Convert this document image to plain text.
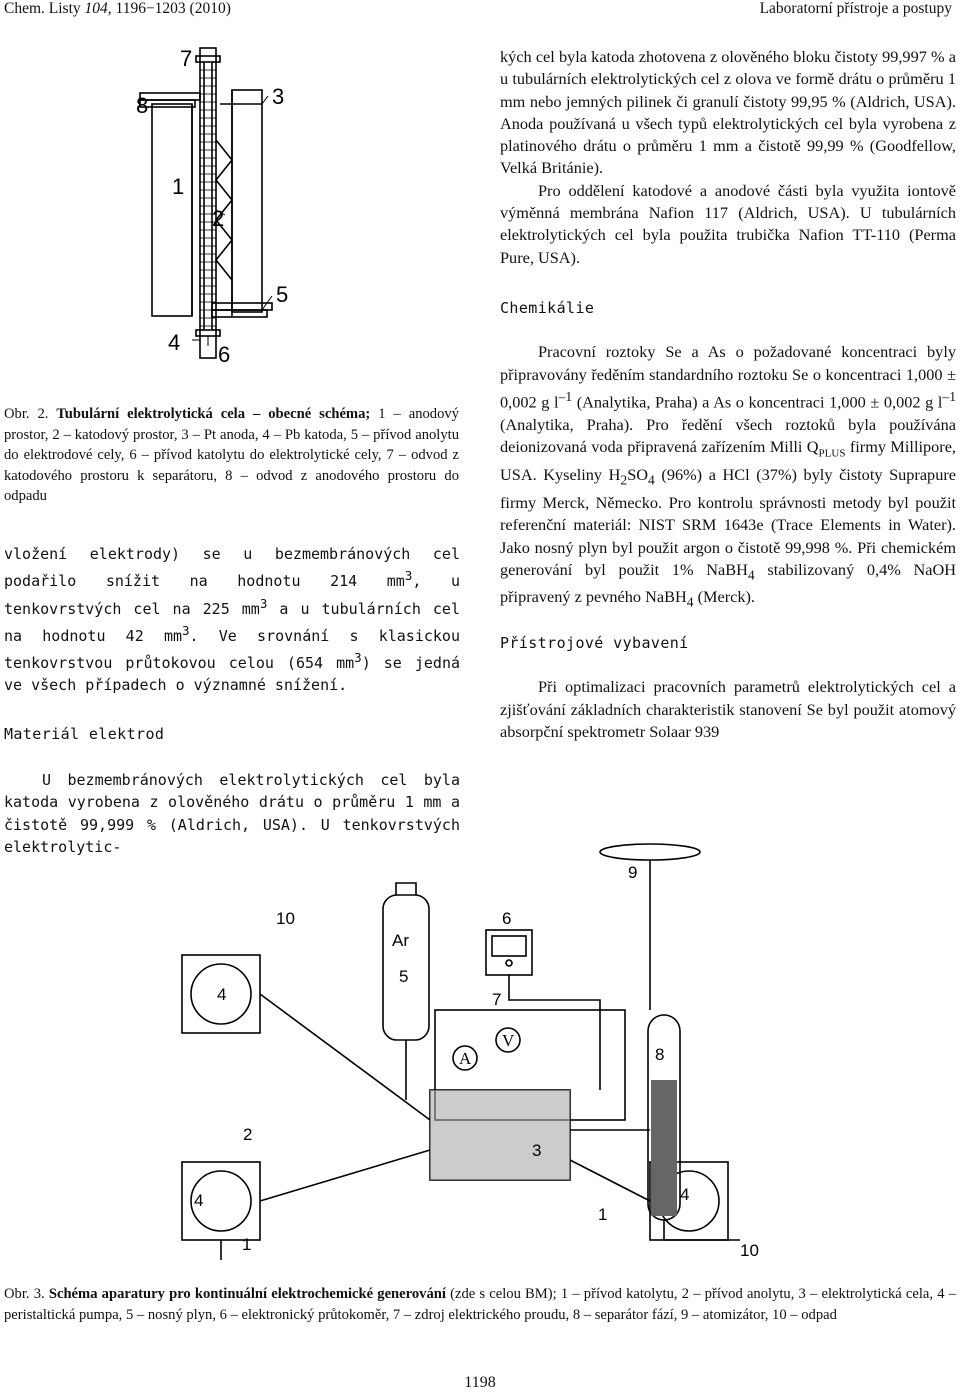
Chem. Listy 104, 1196−1203 (2010)	Laboratorní přístroje a postupy
7
8	3
1
2
5
4 6
Obr. 2. Tubulární elektrolytická cela – obecné schéma; 1 – anodový prostor, 2 – katodový prostor, 3 – Pt anoda, 4 – Pb katoda, 5 – přívod anolytu do elektrodové cely, 6 – přívod katolytu do elektrolytické cely, 7 – odvod z katodového prostoru k separátoru, 8 – odvod z anodového prostoru do odpadu

vložení elektrody) se u bezmembránových cel podařilo snížit na hodnotu 214 $mm^3$, u tenkovrstvých cel na 225 $mm^3$ a u tubulárních cel na hodnotu 42 $mm^3$. Ve srovnání s klasickou tenkovrstvou průtokovou celou (654 $mm^3$) se jedná ve všech případech o významné snížení.

Materiál elektrod

U bezmembránových elektrolytických cel byla katoda vyrobena z olověného drátu o průměru 1 mm a čistotě 99,999 % (Aldrich, USA). U tenkovrstvých elektrolytic-

kých cel byla katoda zhotovena z olověného bloku čistoty 99,997 % a u tubulárních elektrolytických cel z olova ve formě drátu o průměru 1 mm nebo jemných pilinek či granulí čistoty 99,95 % (Aldrich, USA). Anoda používaná u všech typů elektrolytických cel byla vyrobena z platinového drátu o průměru 1 mm a čistotě 99,99 % (Goodfellow, Velká Británie).

Pro oddělení katodové a anodové části byla využita iontově výměnná membrána Nafion 117 (Aldrich, USA). U tubulárních elektrolytických cel byla použita trubička Nafion TT-110 (Perma Pure, USA).

Chemikálie

Pracovní roztoky Se a As o požadované koncentraci byly připravovány ředěním standardního roztoku Se o koncentraci 1,000 ± 0,002 g $l^{-1}$ (Analytika, Praha) a As o koncentraci 1,000 ± 0,002 g $l^{-1}$ (Analytika, Praha). Pro ředění všech roztoků byla používána deionizovaná voda připravená zařízením Milli $Q_{PLUS}$ firmy Millipore, USA. Kyseliny $H_2SO_4$ (96%) a HCl (37%) byly čistoty Suprapure firmy Merck, Německo. Pro kontrolu správnosti metody byl použit referenční materiál: NIST SRM 1643e (Trace Elements in Water). Jako nosný plyn byl použit argon o čistotě 99,998 %. Při chemickém generování byl použit 1% NaBH$_4$ stabilizovaný 0,4% NaOH připravený z pevného NaBH$_4$ (Merck).

Přístrojové vybavení

Při optimalizaci pracovních parametrů elektrolytických cel a zjišťování základních charakteristik stanovení Se byl použit atomový absorpční spektrometr Solaar 939

10
Ar
5
6
9
4	7
A
V
8
2
3
4
1
1
4
10
Obr. 3. Schéma aparatury pro kontinuální elektrochemické generování (zde s celou BM); 1 – přívod katolytu, 2 – přívod anolytu, 3 – elektrolytická cela, 4 – peristaltická pumpa, 5 – nosný plyn, 6 – elektronický průtokoměr, 7 – zdroj elektrického proudu, 8 – separátor fází, 9 – atomizátor, 10 – odpad
1198
